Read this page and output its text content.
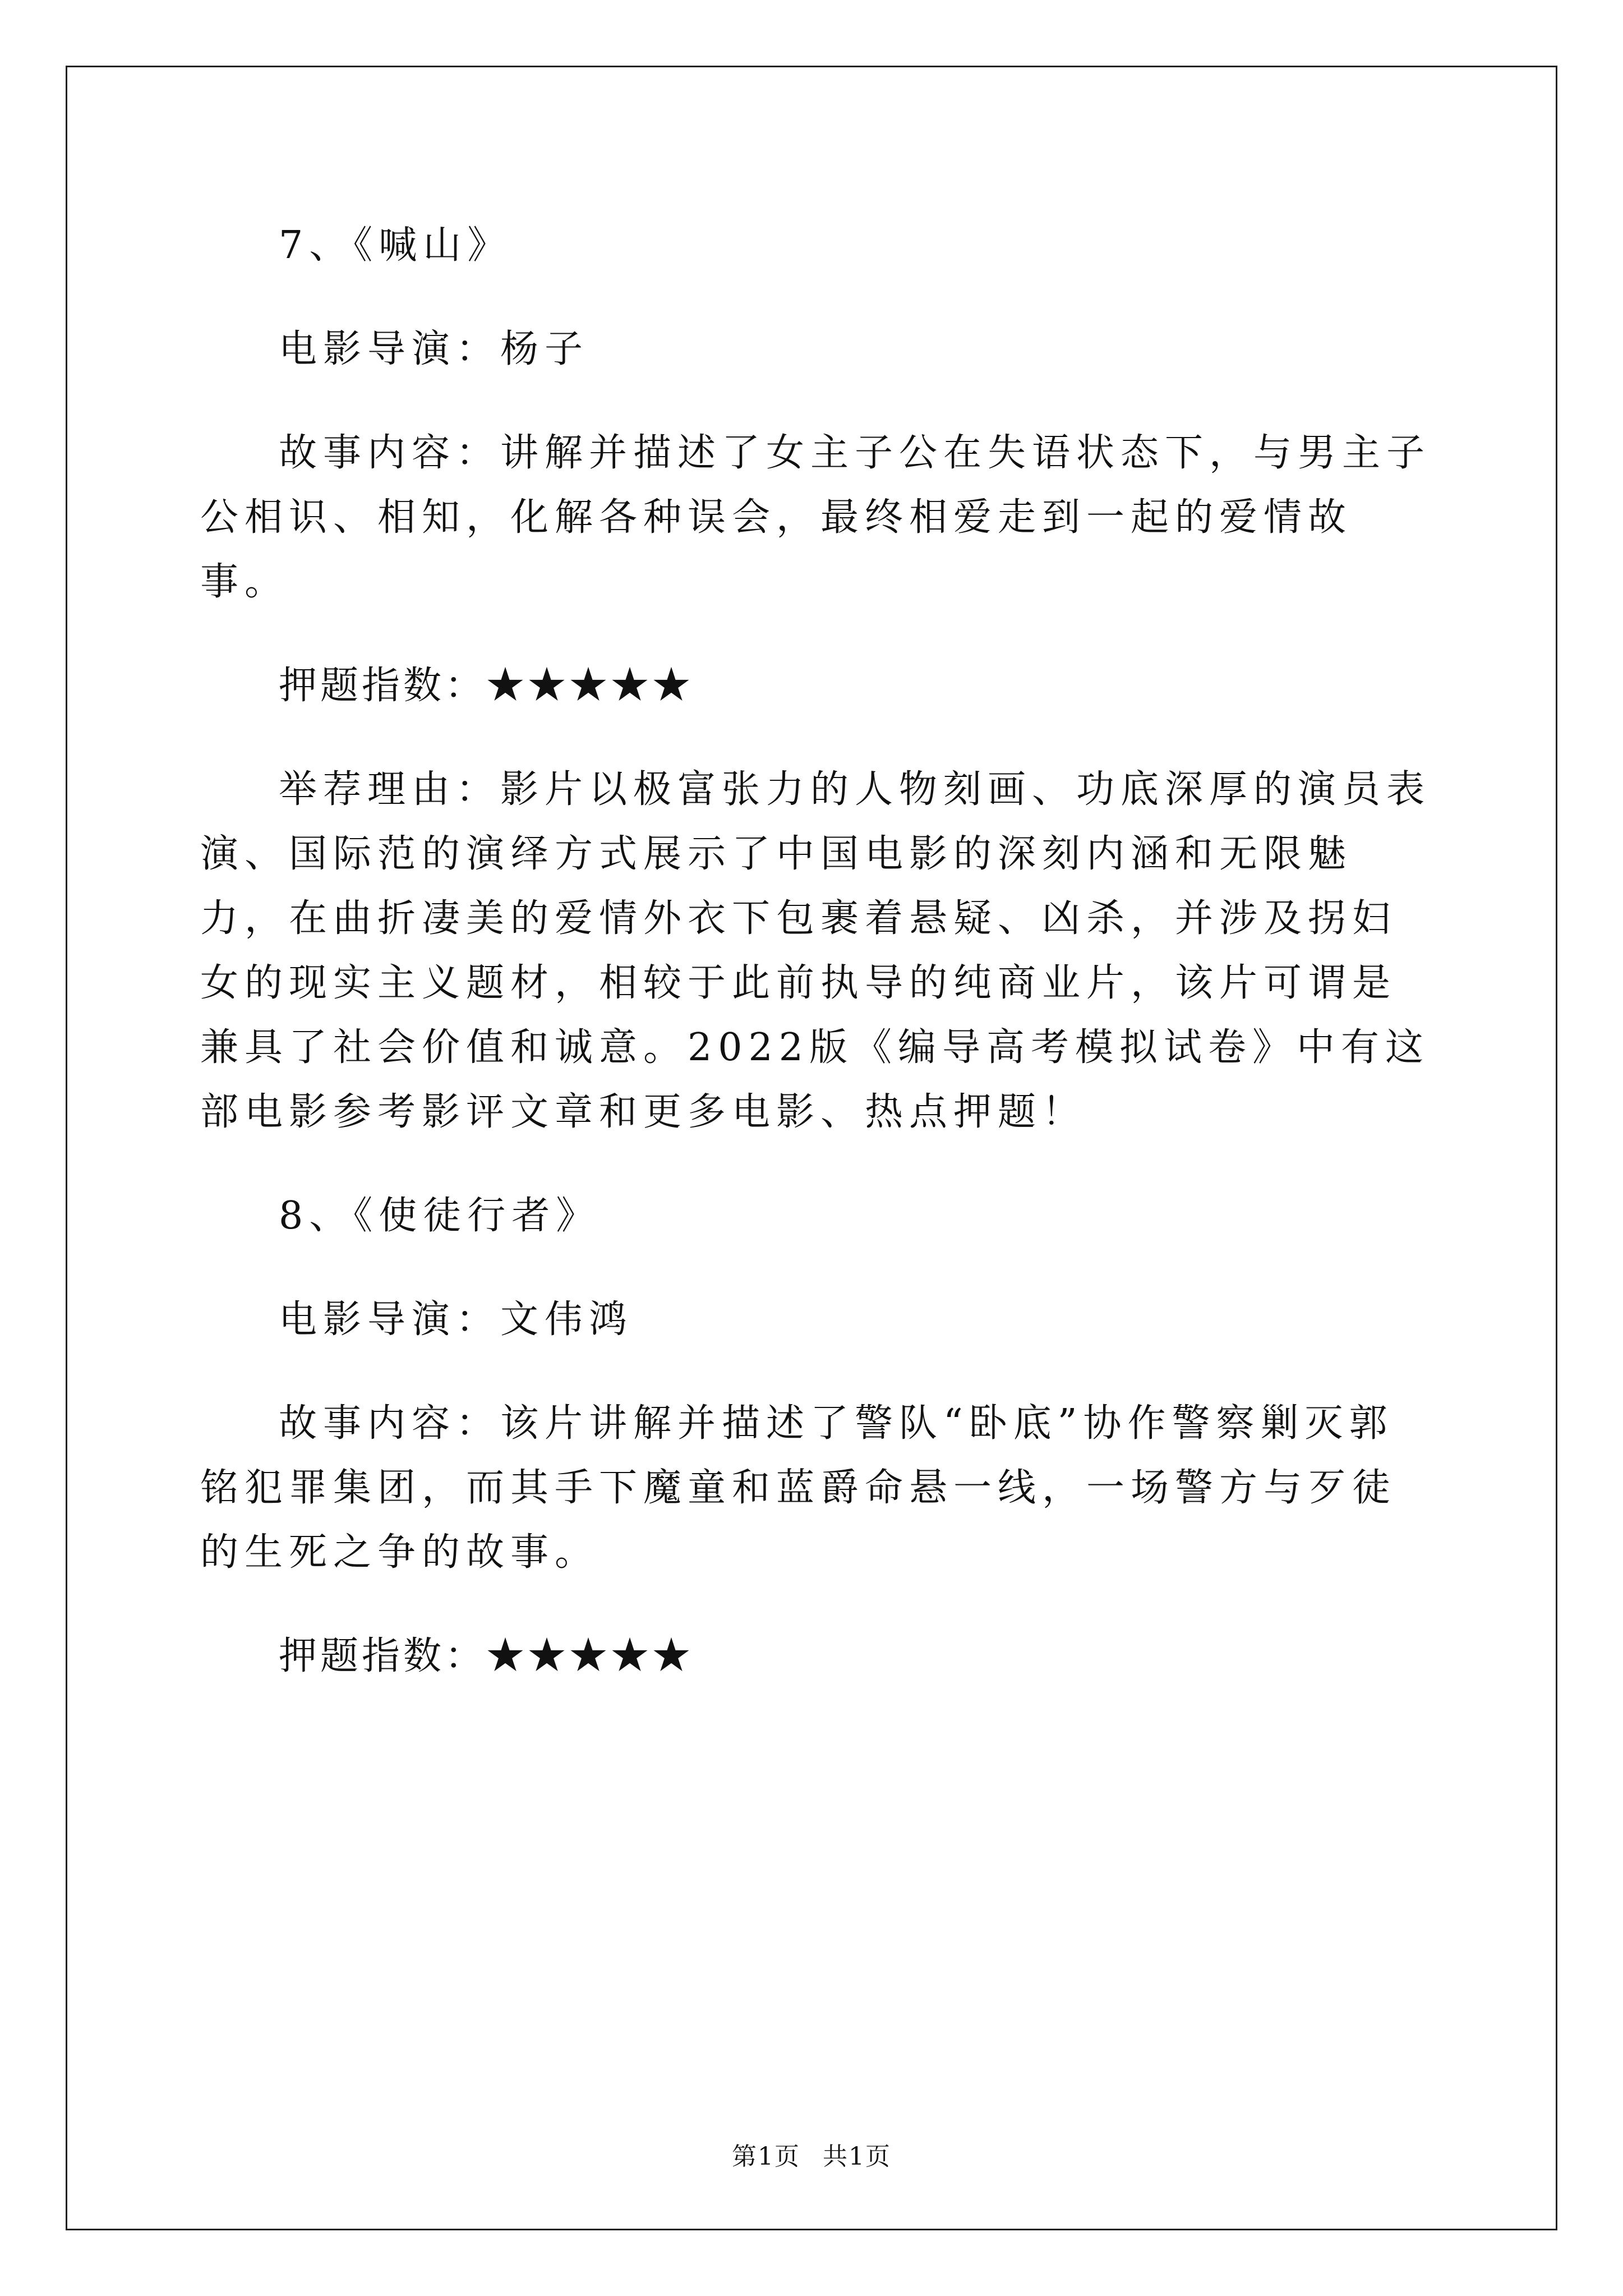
7、《喊山》

电影导演：杨子

故事内容：讲解并描述了女主子公在失语状态下，与男主子公相识、相知，化解各种误会，最终相爱走到一起的爱情故事。

押题指数：★★★★★

举荐理由：影片以极富张力的人物刻画、功底深厚的演员表演、国际范的演绎方式展示了中国电影的深刻内涵和无限魅力，在曲折凄美的爱情外衣下包裹着悬疑、凶杀，并涉及拐妇女的现实主义题材，相较于此前执导的纯商业片，该片可谓是兼具了社会价值和诚意。2022版《编导高考模拟试卷》中有这部电影参考影评文章和更多电影、热点押题！

8、《使徒行者》

电影导演：文伟鸿

故事内容：该片讲解并描述了警队“卧底”协作警察剿灭郭铭犯罪集团，而其手下魔童和蓝爵命悬一线，一场警方与歹徒的生死之争的故事。

押题指数：★★★★★

第1页 共1页
